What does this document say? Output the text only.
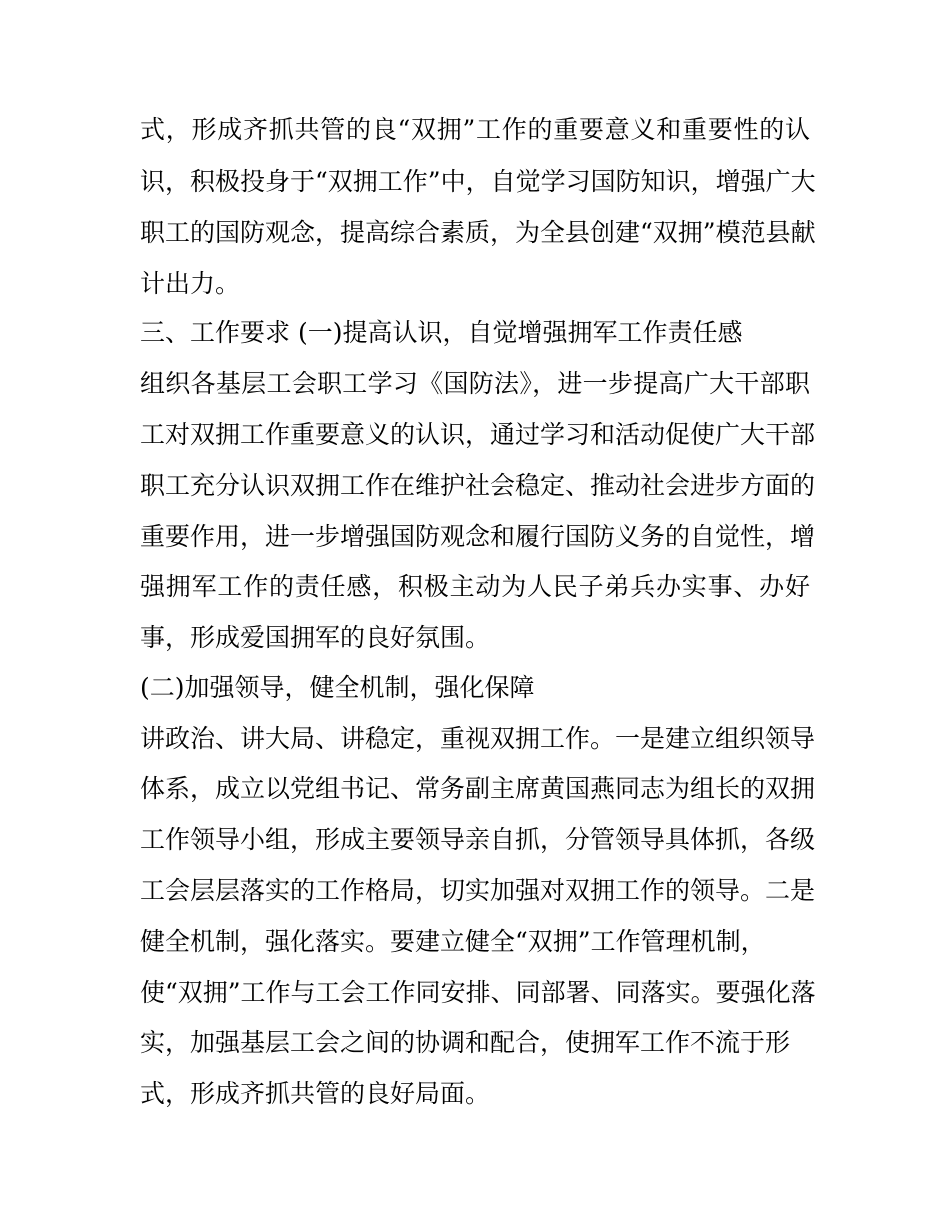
式，形成齐抓共管的良“双拥”工作的重要意义和重要性的认

识，积极投身于“双拥工作”中，自觉学习国防知识，增强广大

职工的国防观念，提高综合素质，为全县创建“双拥”模范县献

计出力。

三、工作要求 (一)提高认识，自觉增强拥军工作责任感

组织各基层工会职工学习《国防法》，进一步提高广大干部职

工对双拥工作重要意义的认识，通过学习和活动促使广大干部

职工充分认识双拥工作在维护社会稳定、推动社会进步方面的

重要作用，进一步增强国防观念和履行国防义务的自觉性，增

强拥军工作的责任感，积极主动为人民子弟兵办实事、办好

事，形成爱国拥军的良好氛围。

(二)加强领导，健全机制，强化保障

讲政治、讲大局、讲稳定，重视双拥工作。一是建立组织领导

体系，成立以党组书记、常务副主席黄国燕同志为组长的双拥

工作领导小组，形成主要领导亲自抓，分管领导具体抓，各级

工会层层落实的工作格局，切实加强对双拥工作的领导。二是

健全机制，强化落实。要建立健全“双拥”工作管理机制，

使“双拥”工作与工会工作同安排、同部署、同落实。要强化落

实，加强基层工会之间的协调和配合，使拥军工作不流于形

式，形成齐抓共管的良好局面。
